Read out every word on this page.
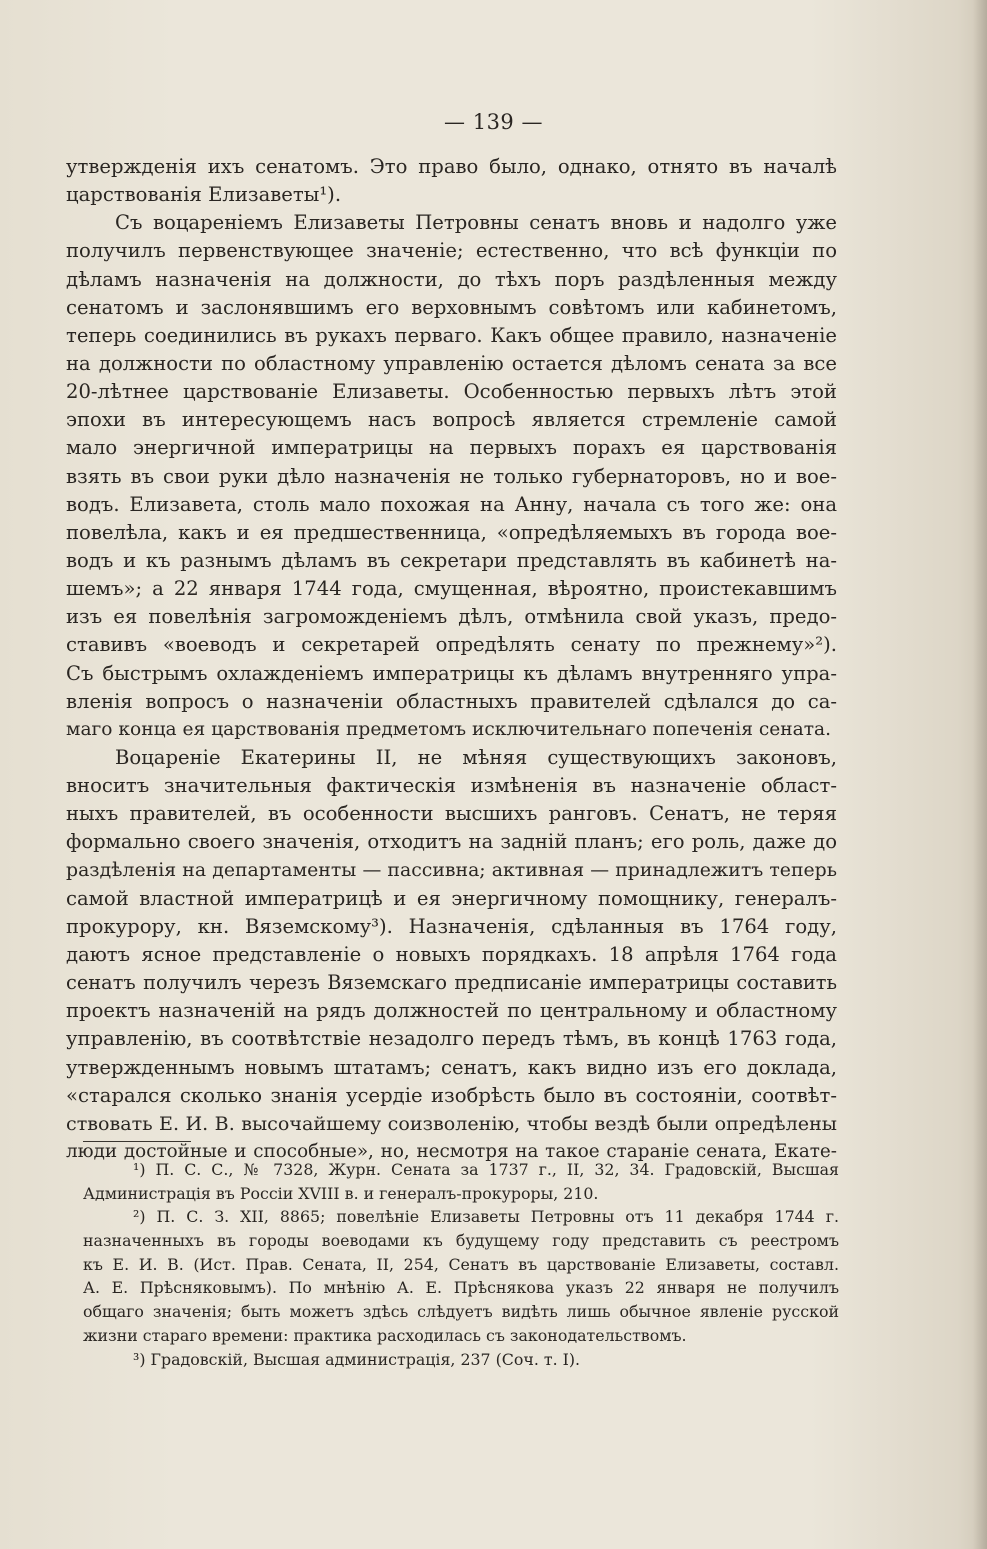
— 139 —
утвержденія ихъ сенатомъ. Это право было, однако, отнято въ началѣ
царствованія Елизаветы¹).
Съ воцареніемъ Елизаветы Петровны сенатъ вновь и надолго уже
получилъ первенствующее значеніе; естественно, что всѣ функціи по
дѣламъ назначенія на должности, до тѣхъ поръ раздѣленныя между
сенатомъ и заслонявшимъ его верховнымъ совѣтомъ или кабинетомъ,
теперь соединились въ рукахъ перваго. Какъ общее правило, назначеніе
на должности по областному управленію остается дѣломъ сената за все
20-лѣтнее царствованіе Елизаветы. Особенностью первыхъ лѣтъ этой
эпохи въ интересующемъ насъ вопросѣ является стремленіе самой
мало энергичной императрицы на первыхъ порахъ ея царствованія
взять въ свои руки дѣло назначенія не только губернаторовъ, но и вое-
водъ. Елизавета, столь мало похожая на Анну, начала съ того же: она
повелѣла, какъ и ея предшественница, «опредѣляемыхъ въ города вое-
водъ и къ разнымъ дѣламъ въ секретари представлять въ кабинетѣ на-
шемъ»; а 22 января 1744 года, смущенная, вѣроятно, проистекавшимъ
изъ ея повелѣнія загроможденіемъ дѣлъ, отмѣнила свой указъ, предо-
ставивъ «воеводъ и секретарей опредѣлять сенату по прежнему»²).
Съ быстрымъ охлажденіемъ императрицы къ дѣламъ внутренняго упра-
вленія вопросъ о назначеніи областныхъ правителей сдѣлался до са-
маго конца ея царствованія предметомъ исключительнаго попеченія сената.
Воцареніе Екатерины II, не мѣняя существующихъ законовъ,
вноситъ значительныя фактическія измѣненія въ назначеніе област-
ныхъ правителей, въ особенности высшихъ ранговъ. Сенатъ, не теряя
формально своего значенія, отходитъ на задній планъ; его роль, даже до
раздѣленія на департаменты — пассивна; активная — принадлежитъ теперь
самой властной императрицѣ и ея энергичному помощнику, генералъ-
прокурору, кн. Вяземскому³). Назначенія, сдѣланныя въ 1764 году,
даютъ ясное представленіе о новыхъ порядкахъ. 18 апрѣля 1764 года
сенатъ получилъ черезъ Вяземскаго предписаніе императрицы составить
проектъ назначеній на рядъ должностей по центральному и областному
управленію, въ соотвѣтствіе незадолго передъ тѣмъ, въ концѣ 1763 года,
утвержденнымъ новымъ штатамъ; сенатъ, какъ видно изъ его доклада,
«старался сколько знанія усердіе изобрѣсть было въ состояніи, соотвѣт-
ствовать Е. И. В. высочайшему соизволенію, чтобы вездѣ были опредѣлены
люди достойные и способные», но, несмотря на такое стараніе сената, Екате-
¹) П. С. С., № 7328, Журн. Сената за 1737 г., II, 32, 34. Градовскій, Высшая
Администрація въ Россіи XVIII в. и генералъ-прокуроры, 210.
²) П. С. З. XII, 8865; повелѣніе Елизаветы Петровны отъ 11 декабря 1744 г.
назначенныхъ въ городы воеводами къ будущему году представить съ реестромъ
къ Е. И. В. (Ист. Прав. Сената, II, 254, Сенатъ въ царствованіе Елизаветы, составл.
А. Е. Прѣсняковымъ). По мнѣнію А. Е. Прѣснякова указъ 22 января не получилъ
общаго значенія; быть можетъ здѣсь слѣдуетъ видѣть лишь обычное явленіе русской
жизни стараго времени: практика расходилась съ законодательствомъ.
³) Градовскій, Высшая администрація, 237 (Соч. т. I).
